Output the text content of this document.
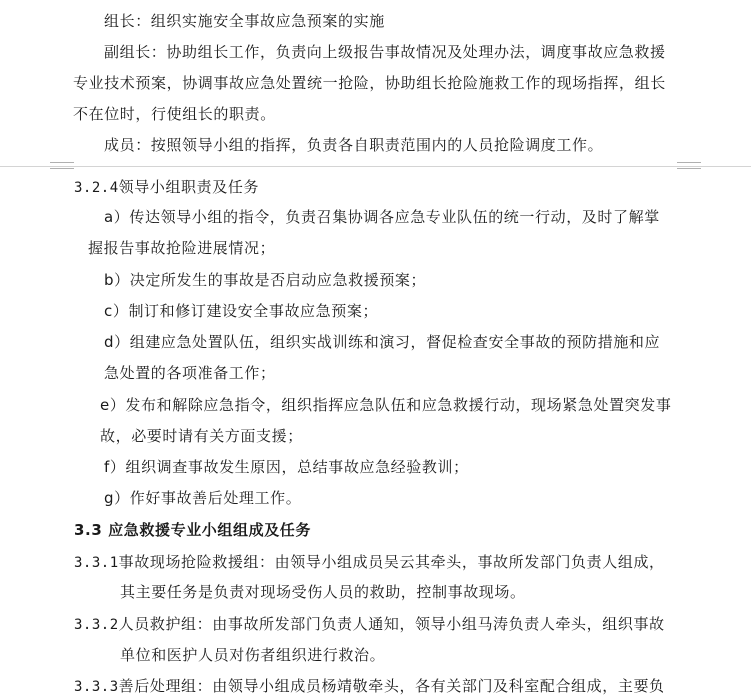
组长：组织实施安全事故应急预案的实施
副组长：协助组长工作，负责向上级报告事故情况及处理办法，调度事故应急救援
专业技术预案，协调事故应急处置统一抢险，协助组长抢险施救工作的现场指挥，组长
不在位时，行使组长的职责。
成员：按照领导小组的指挥，负责各自职责范围内的人员抢险调度工作。
3.2.4领导小组职责及任务
a）传达领导小组的指令，负责召集协调各应急专业队伍的统一行动，及时了解掌
握报告事故抢险进展情况；
b）决定所发生的事故是否启动应急救援预案；
c）制订和修订建设安全事故应急预案；
d）组建应急处置队伍，组织实战训练和演习，督促检查安全事故的预防措施和应
急处置的各项准备工作；
e）发布和解除应急指令，组织指挥应急队伍和应急救援行动，现场紧急处置突发事
故，必要时请有关方面支援；
f）组织调查事故发生原因，总结事故应急经验教训；
g）作好事故善后处理工作。
3.3 应急救援专业小组组成及任务
3.3.1事故现场抢险救援组：由领导小组成员吴云其牵头，事故所发部门负责人组成，
其主要任务是负责对现场受伤人员的救助，控制事故现场。
3.3.2人员救护组：由事故所发部门负责人通知，领导小组马涛负责人牵头，组织事故
单位和医护人员对伤者组织进行救治。
3.3.3善后处理组：由领导小组成员杨靖敬牵头，各有关部门及科室配合组成，主要负
